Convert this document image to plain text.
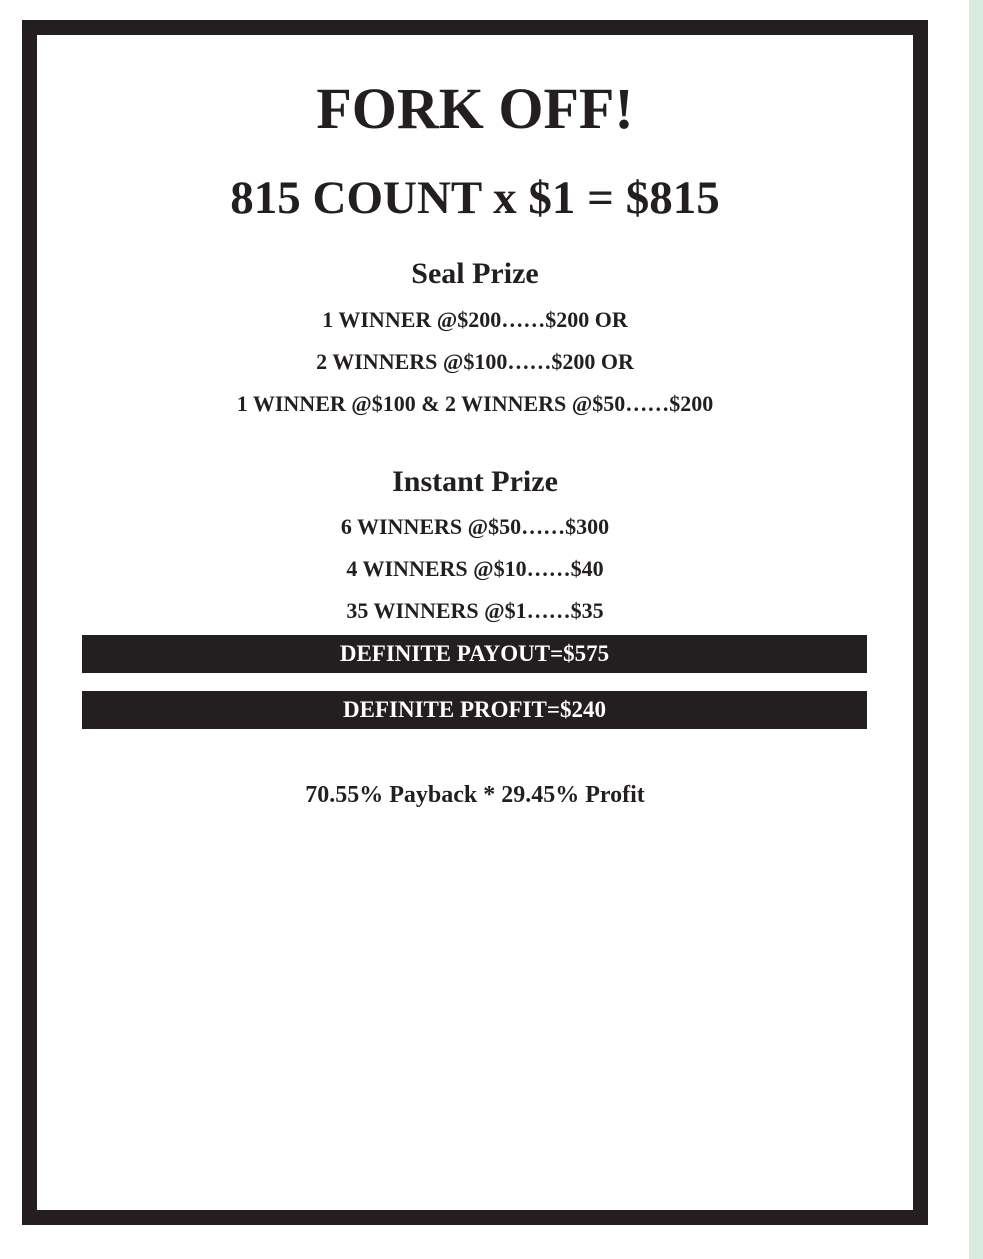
FORK OFF!
815 COUNT x $1 = $815
Seal Prize
1 WINNER @$200……$200 OR
2 WINNERS @$100……$200 OR
1 WINNER @$100 & 2 WINNERS @$50……$200
Instant Prize
6 WINNERS @$50……$300
4 WINNERS @$10……$40
35 WINNERS @$1……$35
DEFINITE PAYOUT=$575
DEFINITE PROFIT=$240
70.55% Payback * 29.45% Profit
